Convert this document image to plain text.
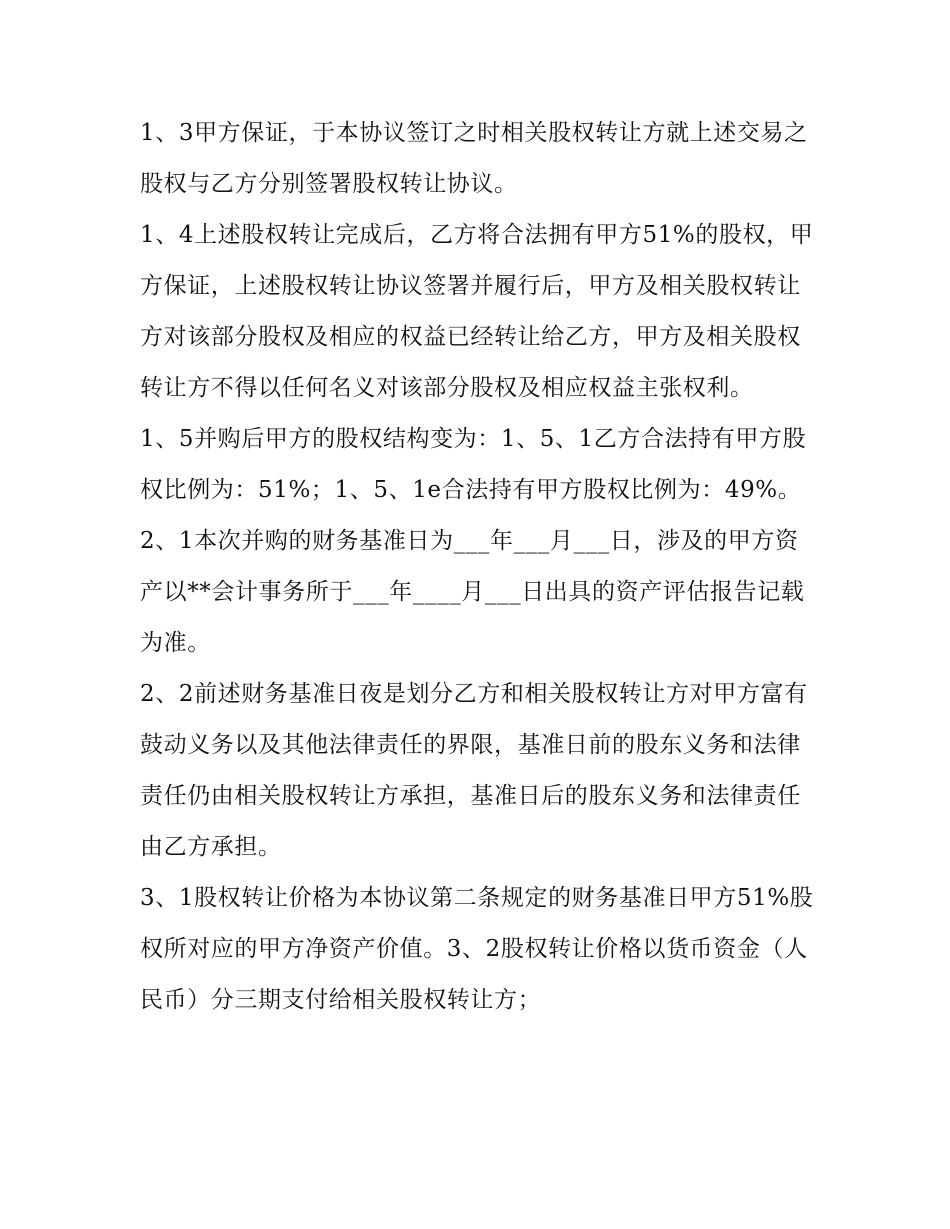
1、3甲方保证，于本协议签订之时相关股权转让方就上述交易之股权与乙方分别签署股权转让协议。

1、4上述股权转让完成后，乙方将合法拥有甲方51%的股权，甲方保证，上述股权转让协议签署并履行后，甲方及相关股权转让方对该部分股权及相应的权益已经转让给乙方，甲方及相关股权转让方不得以任何名义对该部分股权及相应权益主张权利。

1、5并购后甲方的股权结构变为：1、5、1乙方合法持有甲方股权比例为：51%；1、5、1e合法持有甲方股权比例为：49%。

2、1本次并购的财务基准日为___年___月___日，涉及的甲方资产以**会计事务所于___年____月___日出具的资产评估报告记载为准。

2、2前述财务基准日夜是划分乙方和相关股权转让方对甲方富有鼓动义务以及其他法律责任的界限，基准日前的股东义务和法律责任仍由相关股权转让方承担，基准日后的股东义务和法律责任由乙方承担。

3、1股权转让价格为本协议第二条规定的财务基准日甲方51%股权所对应的甲方净资产价值。3、2股权转让价格以货币资金（人民币）分三期支付给相关股权转让方；
